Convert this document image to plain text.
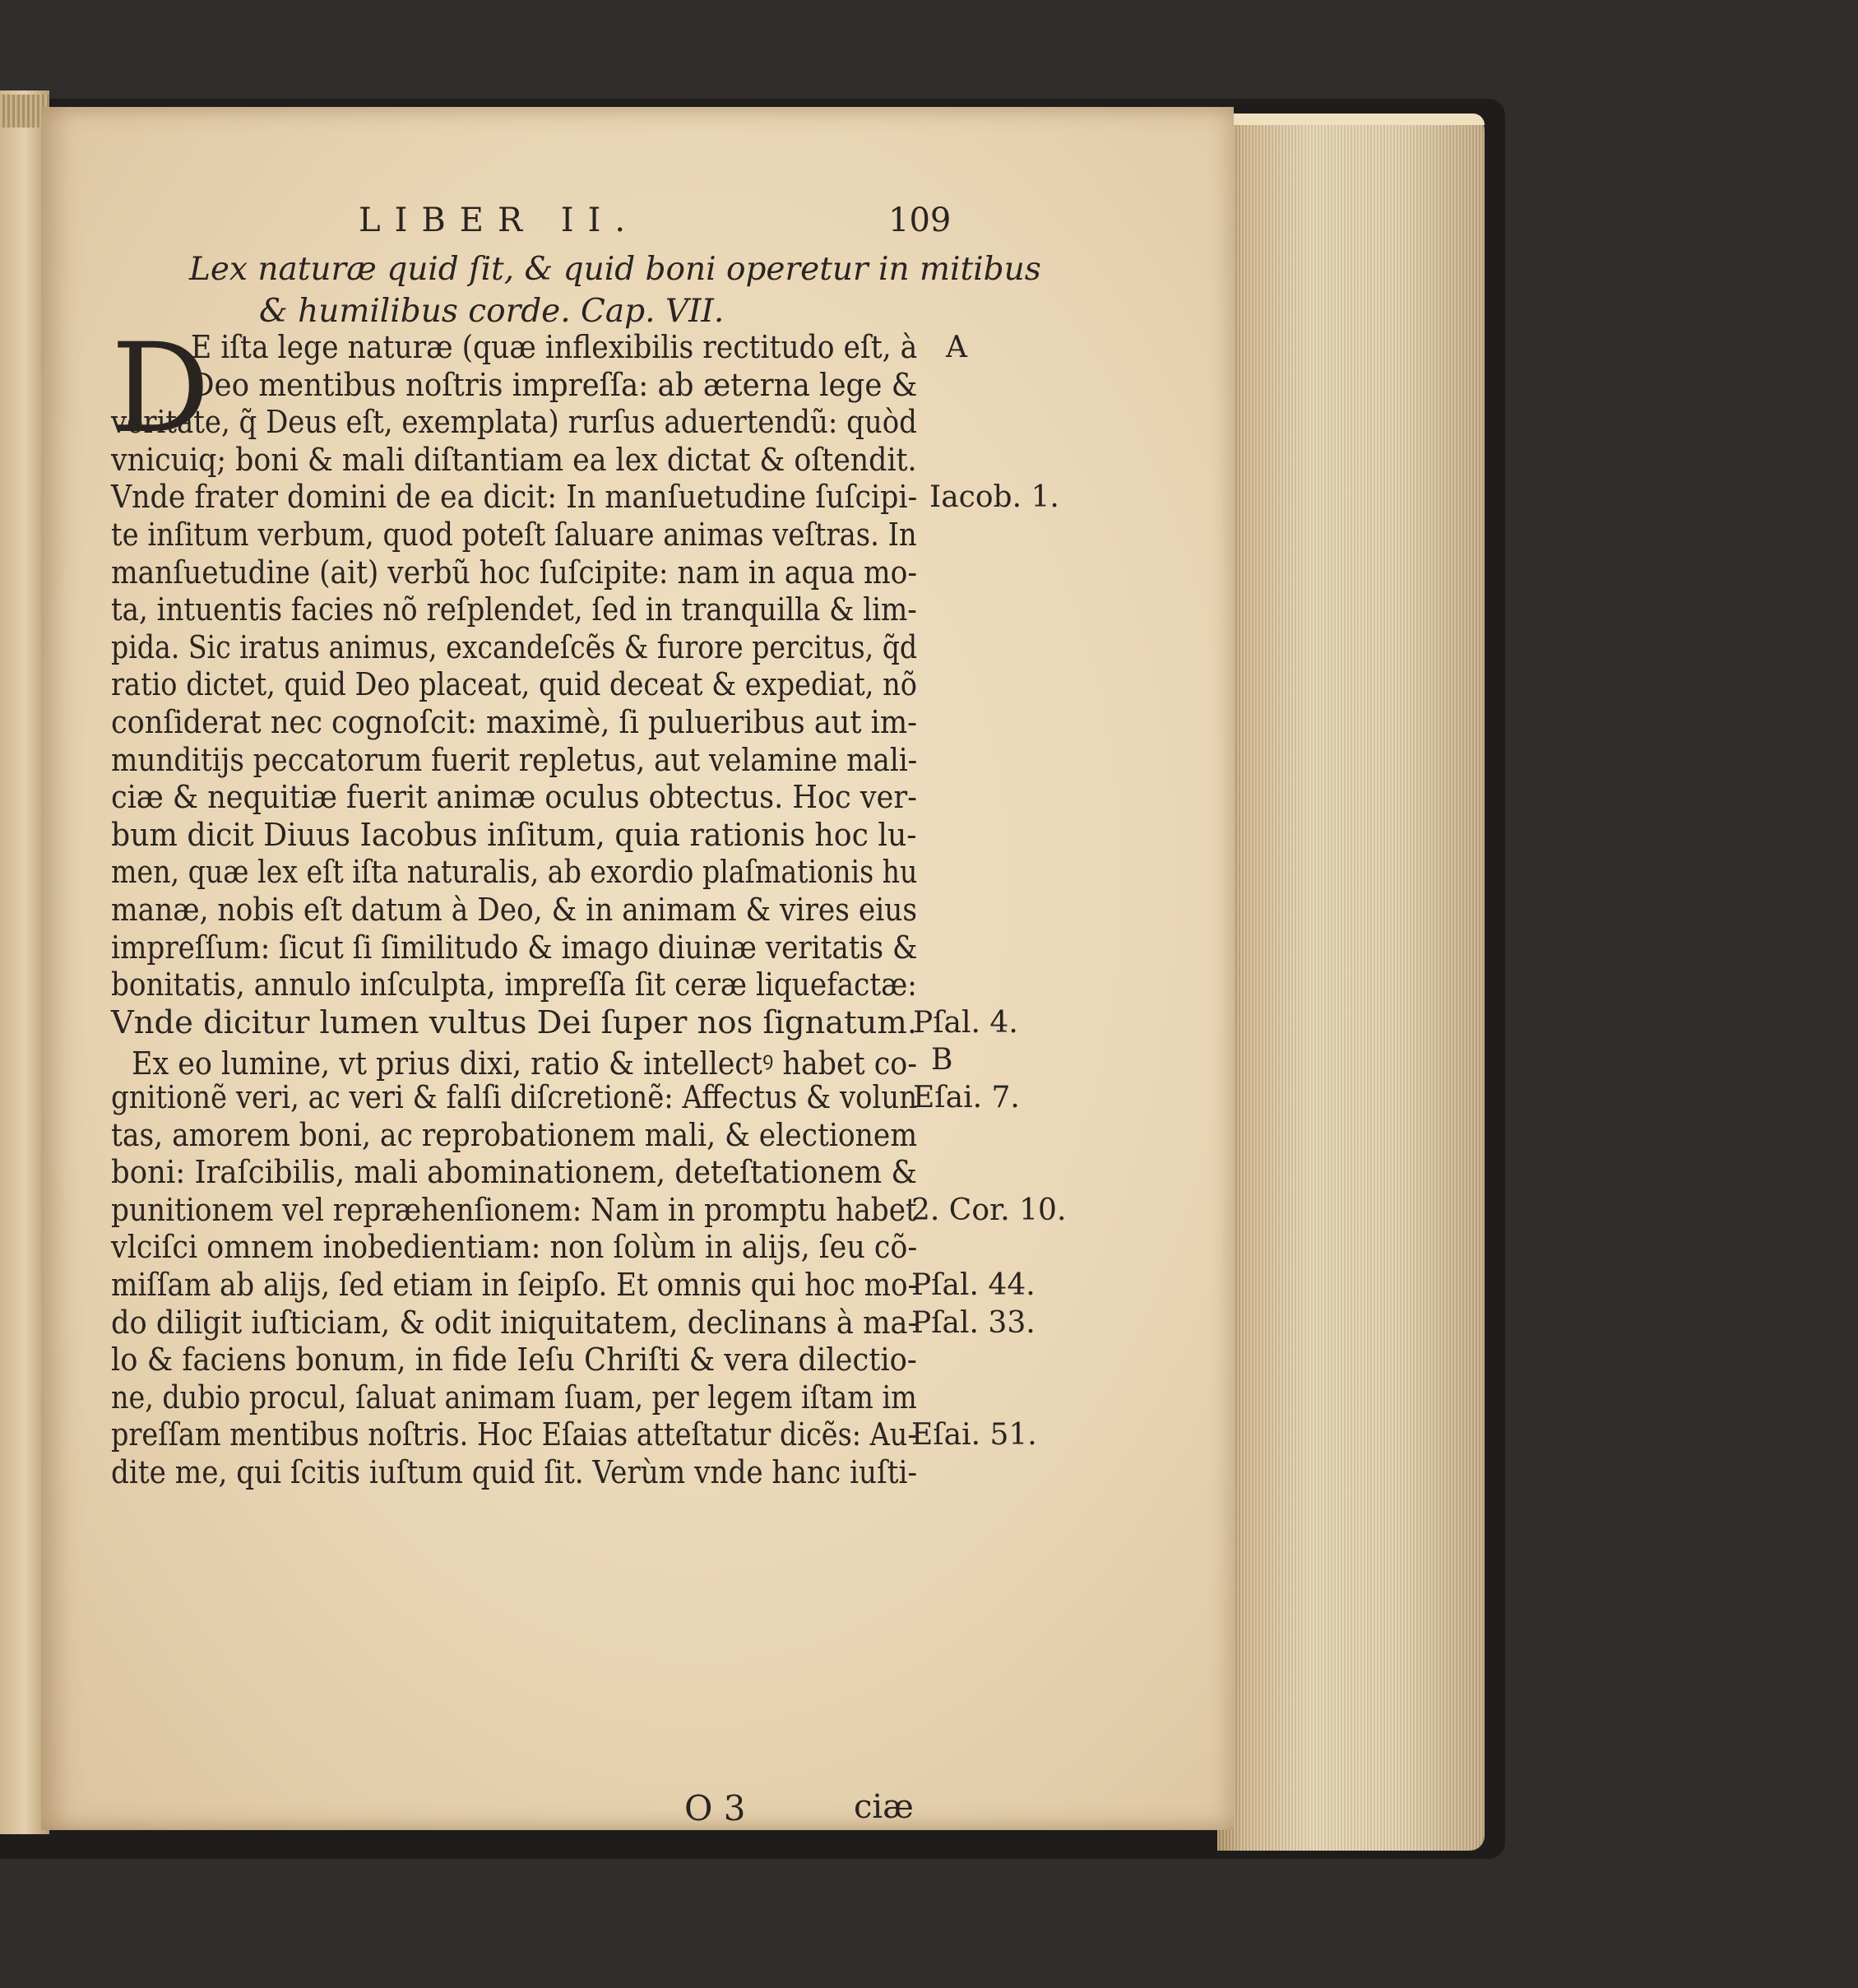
LIBER II.	109
Lex naturæ quid ſit, & quid boni operetur in mitibus
& humilibus corde. Cap. VII.
D
E iſta lege naturæ (quæ inflexibilis rectitudo eſt, à
Deo mentibus noſtris impreſſa: ab æterna lege &
veritate, q̃ Deus eſt, exemplata) rurſus aduertendũ: quòd
vnicuiq; boni & mali diſtantiam ea lex dictat & oſtendit.
Vnde frater domini de ea dicit: In manſuetudine ſuſcipi-
te inſitum verbum, quod poteſt ſaluare animas veſtras. In
manſuetudine (ait) verbũ hoc ſuſcipite: nam in aqua mo-
ta, intuentis facies nõ reſplendet, ſed in tranquilla & lim-
pida. Sic iratus animus, excandeſcẽs & furore percitus, q̃d
ratio dictet, quid Deo placeat, quid deceat & expediat, nõ
conſiderat nec cognoſcit: maximè, ſi pulueribus aut im-
munditijs peccatorum fuerit repletus, aut velamine mali-
ciæ & nequitiæ fuerit animæ oculus obtectus. Hoc ver-
bum dicit Diuus Iacobus inſitum, quia rationis hoc lu-
men, quæ lex eſt iſta naturalis, ab exordio plaſmationis hu
manæ, nobis eſt datum à Deo, & in animam & vires eius
impreſſum: ſicut ſi ſimilitudo & imago diuinæ veritatis &
bonitatis, annulo inſculpta, impreſſa ſit ceræ liquefactæ:
Vnde dicitur lumen vultus Dei ſuper nos ſignatum.
Ex eo lumine, vt prius dixi, ratio & intellectꝰ habet co-
gnitionẽ veri, ac veri & falſi diſcretionẽ: Affectus & volun
tas, amorem boni, ac reprobationem mali, & electionem
boni: Iraſcibilis, mali abominationem, deteſtationem &
punitionem vel repræhenſionem: Nam in promptu habet
vlciſci omnem inobedientiam: non ſolùm in alijs, ſeu cõ-
miſſam ab alijs, ſed etiam in ſeipſo. Et omnis qui hoc mo-
do diligit iuſticiam, & odit iniquitatem, declinans à ma-
lo & faciens bonum, in fide Ieſu Chriſti & vera dilectio-
ne, dubio procul, ſaluat animam ſuam, per legem iſtam im
preſſam mentibus noſtris. Hoc Eſaias atteſtatur dicẽs: Au-
dite me, qui ſcitis iuſtum quid ſit. Verùm vnde hanc iuſti-
A
Iacob. 1.
Pſal. 4.
B
Eſai. 7.
2. Cor. 10.
Pſal. 44.
Pſal. 33.
Eſai. 51.
O 3	ciæ
